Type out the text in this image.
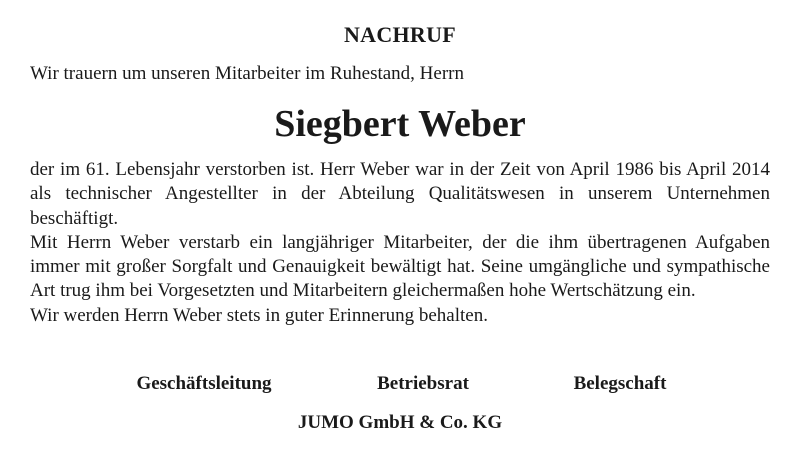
NACHRUF
Wir trauern um unseren Mitarbeiter im Ruhestand, Herrn
Siegbert Weber

der im 61. Lebensjahr verstorben ist. Herr Weber war in der Zeit von April 1986 bis April 2014 als technischer Angestellter in der Abteilung Qualitätswesen in unserem Unternehmen beschäftigt.

Mit Herrn Weber verstarb ein langjähriger Mitarbeiter, der die ihm übertragenen Aufgaben immer mit großer Sorgfalt und Genauigkeit bewältigt hat. Seine umgängliche und sympathische Art trug ihm bei Vorgesetzten und Mitarbeitern gleichermaßen hohe Wertschätzung ein.

Wir werden Herrn Weber stets in guter Erinnerung behalten.

Geschäftsleitung	Betriebsrat	Belegschaft
JUMO GmbH & Co. KG
